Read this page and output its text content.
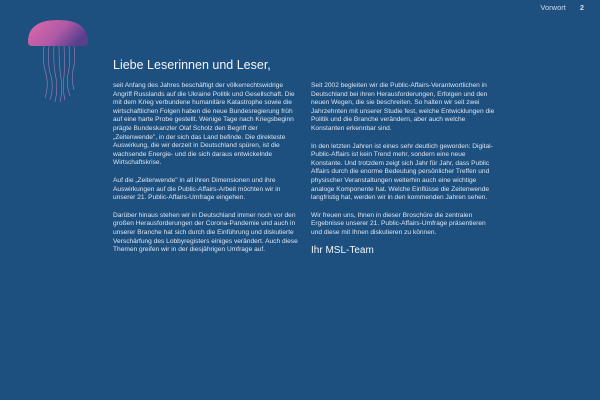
Vorwort 2
Liebe Leserinnen und Leser,

seit Anfang des Jahres beschäftigt der völkerrechtswidrige Angriff Russlands auf die Ukraine Politik und Gesellschaft. Die mit dem Krieg verbundene humanitäre Katastrophe sowie die wirtschaftlichen Folgen haben die neue Bundesregierung früh auf eine harte Probe gestellt. Wenige Tage nach Kriegsbeginn prägte Bundeskanzler Olaf Scholz den Begriff der „Zeitenwende", in der sich das Land befinde. Die direkteste Auswirkung, die wir derzeit in Deutschland spüren, ist die wachsende Energie- und die sich daraus entwickelnde Wirtschaftskrise.

Auf die „Zeitenwende" in all ihren Dimensionen und ihre Auswirkungen auf die Public-Affairs-Arbeit möchten wir in unserer 21. Public-Affairs-Umfrage eingehen.

Darüber hinaus stehen wir in Deutschland immer noch vor den großen Herausforderungen der Corona-Pandemie und auch in unserer Branche hat sich durch die Einführung und diskutierte Verschärfung des Lobbyregisters einiges verändert. Auch diese Themen greifen wir in der diesjährigen Umfrage auf.

Seit 2002 begleiten wir die Public-Affairs-Verantwortlichen in Deutschland bei ihren Herausforderungen, Erfolgen und den neuen Wegen, die sie beschreiten. So halten wir seit zwei Jahrzehnten mit unserer Studie fest, welche Entwicklungen die Politik und die Branche verändern, aber auch welche Konstanten erkennbar sind.

In den letzten Jahren ist eines sehr deutlich geworden: Digital-Public-Affairs ist kein Trend mehr, sondern eine neue Konstante. Und trotzdem zeigt sich Jahr für Jahr, dass Public Affairs durch die enorme Bedeutung persönlicher Treffen und physischer Veranstaltungen weiterhin auch eine wichtige analoge Komponente hat. Welche Einflüsse die Zeitenwende langfristig hat, werden wir in den kommenden Jahren sehen.

Wir freuen uns, Ihnen in dieser Broschüre die zentralen Ergebnisse unserer 21. Public-Affairs-Umfrage präsentieren und diese mit Ihnen diskutieren zu können.

Ihr MSL-Team
